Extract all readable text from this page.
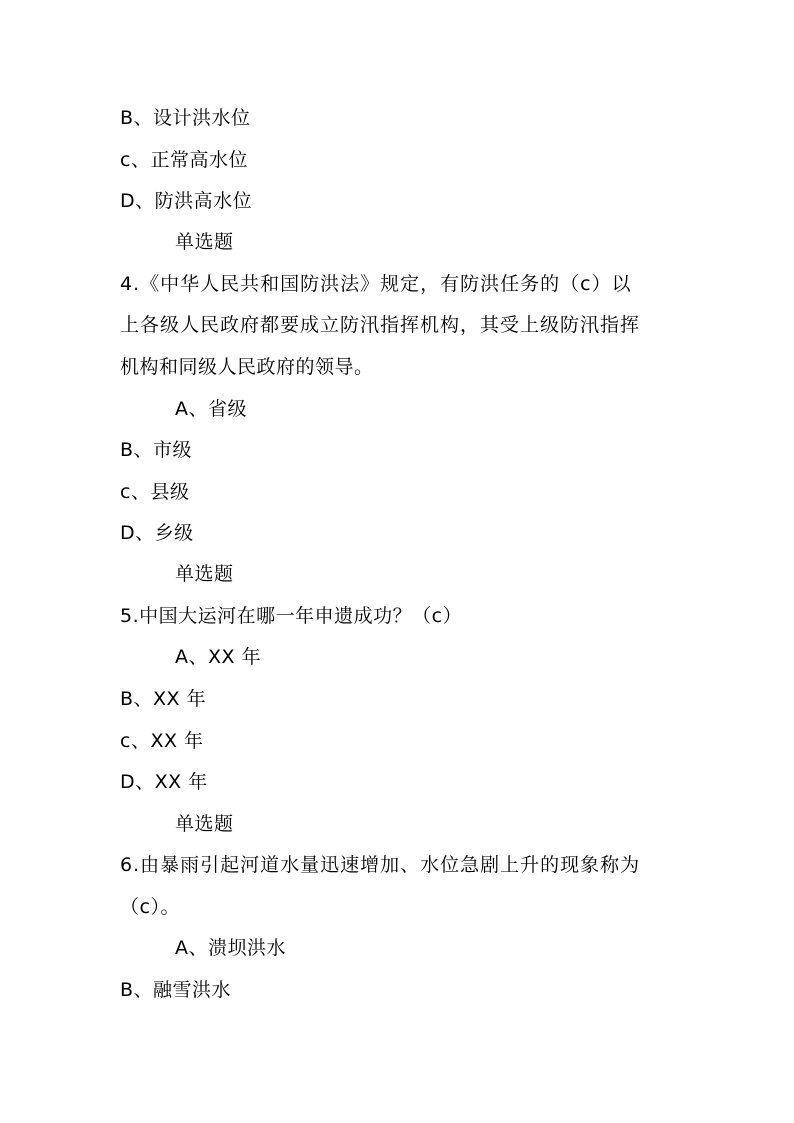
B、设计洪水位
c、正常高水位
D、防洪高水位
单选题
4.《中华人民共和国防洪法》规定，有防洪任务的（c）以
上各级人民政府都要成立防汛指挥机构，其受上级防汛指挥
机构和同级人民政府的领导。
A、省级
B、市级
c、县级
D、乡级
单选题
5.中国大运河在哪一年申遗成功？（c）
A、XX 年
B、XX 年
c、XX 年
D、XX 年
单选题
6.由暴雨引起河道水量迅速增加、水位急剧上升的现象称为
（c）。
A、溃坝洪水
B、融雪洪水
